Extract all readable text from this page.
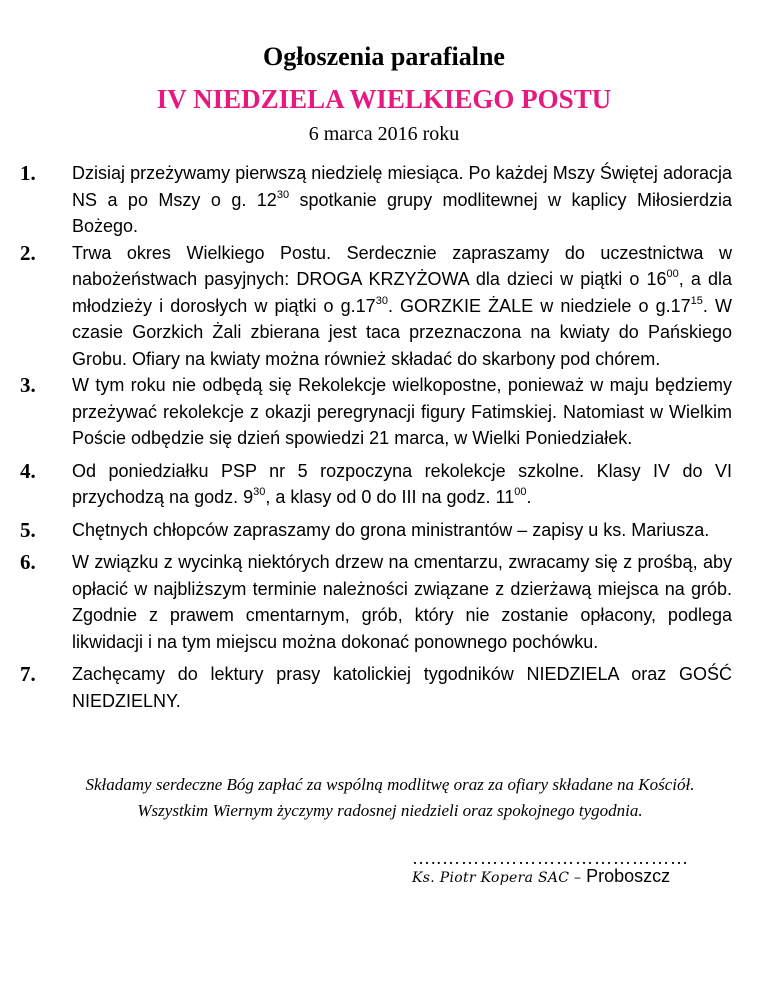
Ogłoszenia parafialne
IV NIEDZIELA WIELKIEGO POSTU
6 marca 2016 roku
1. Dzisiaj przeżywamy pierwszą niedzielę miesiąca. Po każdej Mszy Świętej adoracja NS a po Mszy o g. $12^{30}$ spotkanie grupy modlitewnej w kaplicy Miłosierdzia Bożego.
2. Trwa okres Wielkiego Postu. Serdecznie zapraszamy do uczestnictwa w nabożeństwach pasyjnych: DROGA KRZYŻOWA dla dzieci w piątki o $16^{00}$, a dla młodzieży i dorosłych w piątki o $g.17^{30}$. GORZKIE ŻALE w niedziele o $g.17^{15}$. W czasie Gorzkich Żali zbierana jest taca przeznaczona na kwiaty do Pańskiego Grobu. Ofiary na kwiaty można również składać do skarbony pod chórem.
3. W tym roku nie odbędą się Rekolekcje wielkopostne, ponieważ w maju będziemy przeżywać rekolekcje z okazji peregrynacji figury Fatimskiej. Natomiast w Wielkim Poście odbędzie się dzień spowiedzi 21 marca, w Wielki Poniedziałek.
4. Od poniedziałku PSP nr 5 rozpoczyna rekolekcje szkolne. Klasy IV do VI przychodzą na godz. $9^{30}$, a klasy od 0 do III na godz. $11^{00}$.
5. Chętnych chłopców zapraszamy do grona ministrantów – zapisy u ks. Mariusza.
6. W związku z wycinką niektórych drzew na cmentarzu, zwracamy się z prośbą, aby opłacić w najbliższym terminie należności związane z dzierżawą miejsca na grób. Zgodnie z prawem cmentarnym, grób, który nie zostanie opłacony, podlega likwidacji i na tym miejscu można dokonać ponownego pochówku.
7. Zachęcamy do lektury prasy katolickiej tygodników NIEDZIELA oraz GOŚĆ NIEDZIELNY.
Składamy serdeczne Bóg zapłać za wspólną modlitwę oraz za ofiary składane na Kościół. Wszystkim Wiernym życzymy radosnej niedzieli oraz spokojnego tygodnia.
…..…………………………………
Ks. Piotr Kopera SAC – Proboszcz
